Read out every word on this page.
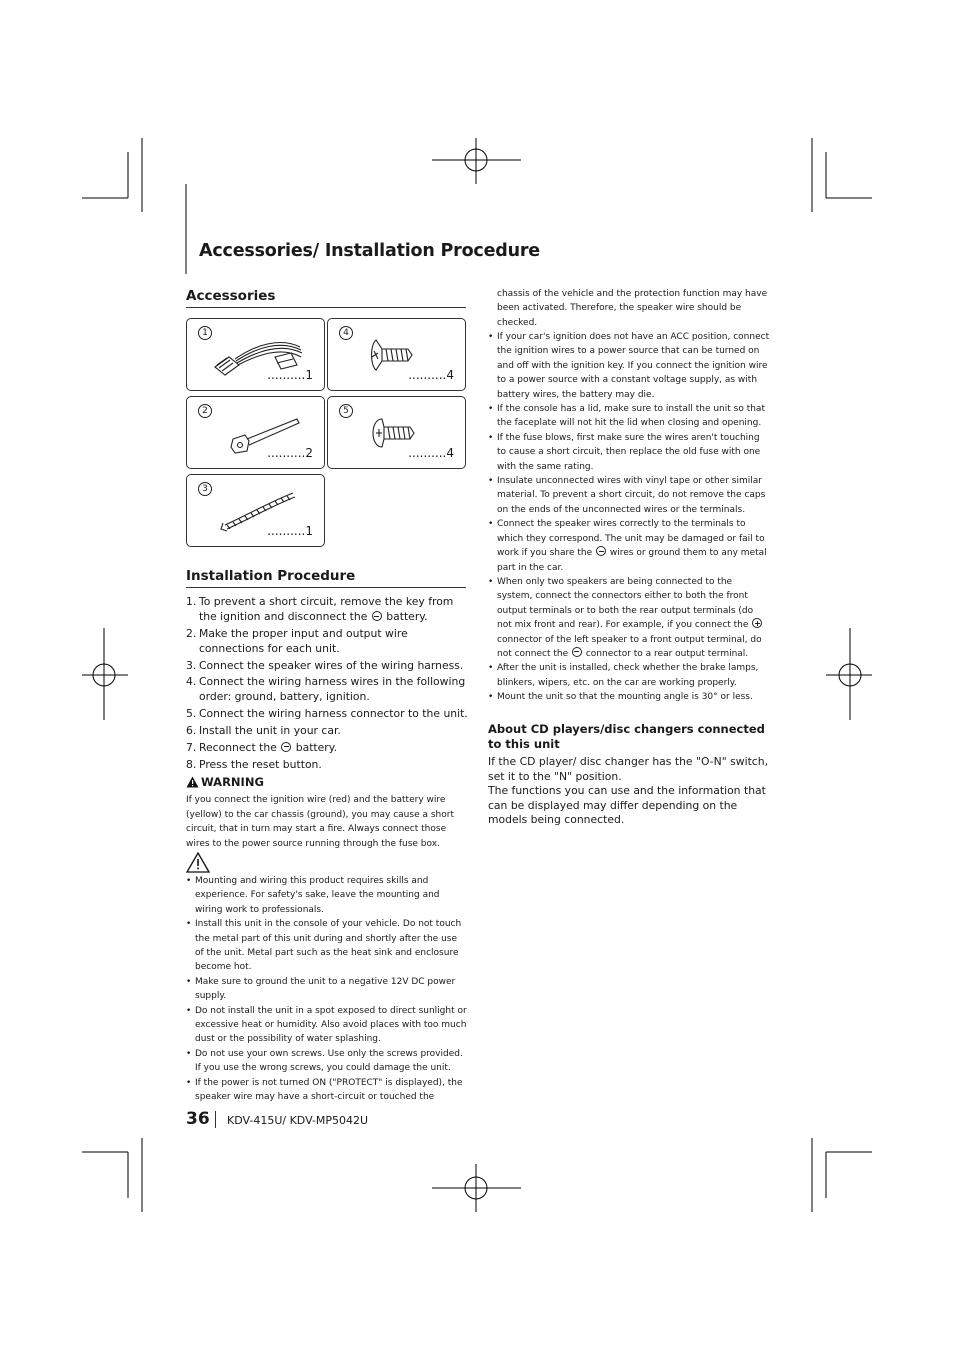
Accessories/ Installation Procedure
Accessories
1
..........1
4
..........4
2
..........2
5
..........4
3
..........1
Installation Procedure
1. To prevent a short circuit, remove the key from the ignition and disconnect the  battery.
2. Make the proper input and output wire connections for each unit.
3. Connect the speaker wires of the wiring harness.
4. Connect the wiring harness wires in the following order: ground, battery, ignition.
5. Connect the wiring harness connector to the unit.
6. Install the unit in your car.
7. Reconnect the  battery.
8. Press the reset button.
WARNING
If you connect the ignition wire (red) and the battery wire (yellow) to the car chassis (ground), you may cause a short circuit, that in turn may start a fire. Always connect those wires to the power source running through the fuse box.
• Mounting and wiring this product requires skills and experience. For safety's sake, leave the mounting and wiring work to professionals.
• Install this unit in the console of your vehicle. Do not touch the metal part of this unit during and shortly after the use of the unit. Metal part such as the heat sink and enclosure become hot.
• Make sure to ground the unit to a negative 12V DC power supply.
• Do not install the unit in a spot exposed to direct sunlight or excessive heat or humidity. Also avoid places with too much dust or the possibility of water splashing.
• Do not use your own screws. Use only the screws provided. If you use the wrong screws, you could damage the unit.
• If the power is not turned ON ("PROTECT" is displayed), the speaker wire may have a short-circuit or touched the
chassis of the vehicle and the protection function may have been activated. Therefore, the speaker wire should be checked.
• If your car's ignition does not have an ACC position, connect the ignition wires to a power source that can be turned on and off with the ignition key. If you connect the ignition wire to a power source with a constant voltage supply, as with battery wires, the battery may die.
• If the console has a lid, make sure to install the unit so that the faceplate will not hit the lid when closing and opening.
• If the fuse blows, first make sure the wires aren't touching to cause a short circuit, then replace the old fuse with one with the same rating.
• Insulate unconnected wires with vinyl tape or other similar material. To prevent a short circuit, do not remove the caps on the ends of the unconnected wires or the terminals.
• Connect the speaker wires correctly to the terminals to which they correspond. The unit may be damaged or fail to work if you share the  wires or ground them to any metal part in the car.
• When only two speakers are being connected to the system, connect the connectors either to both the front output terminals or to both the rear output terminals (do not mix front and rear). For example, if you connect the  connector of the left speaker to a front output terminal, do not connect the  connector to a rear output terminal.
• After the unit is installed, check whether the brake lamps, blinkers, wipers, etc. on the car are working properly.
• Mount the unit so that the mounting angle is 30° or less.
About CD players/disc changers connected to this unit

If the CD player/ disc changer has the "O-N" switch, set it to the "N" position.

The functions you can use and the information that can be displayed may differ depending on the models being connected.

36 KDV-415U/ KDV-MP5042U
